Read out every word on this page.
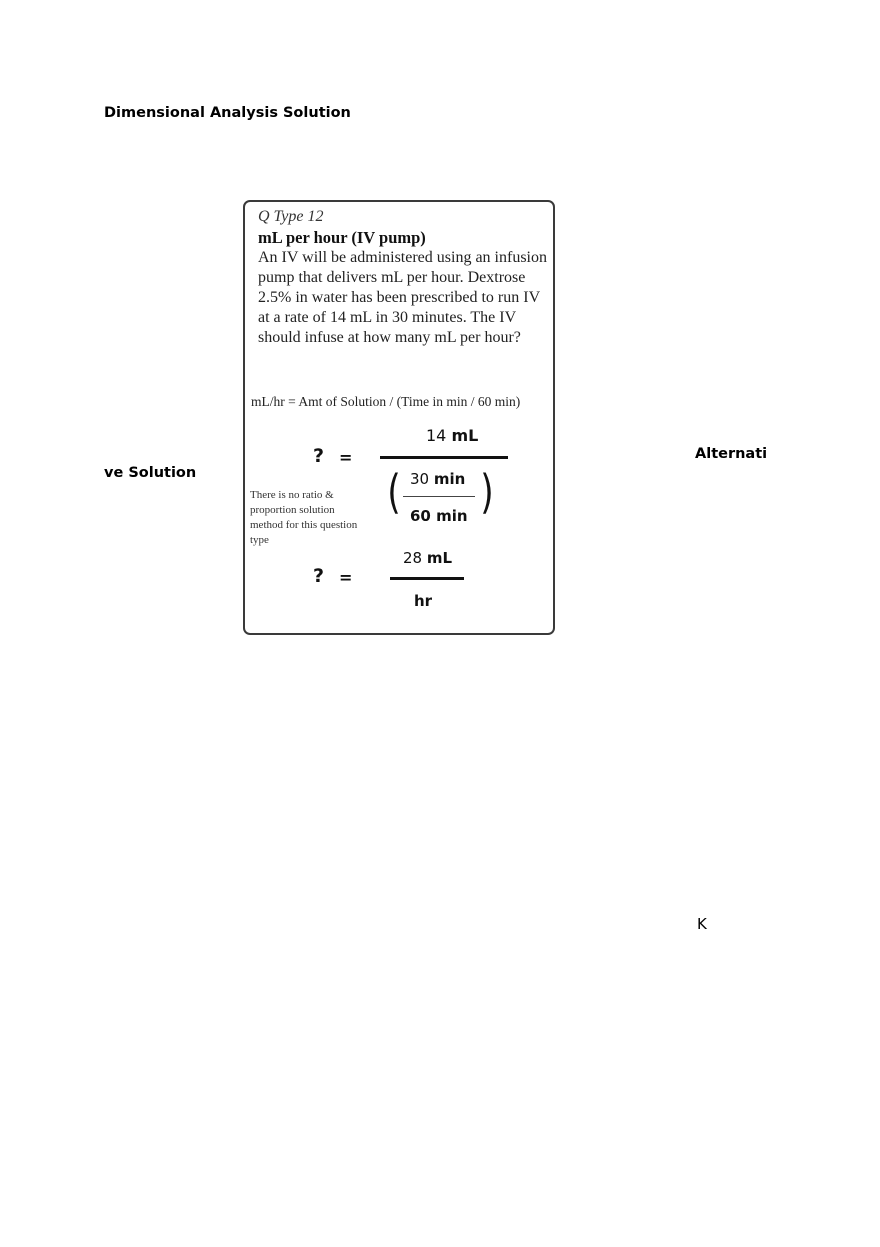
Dimensional Analysis Solution
Q Type 12
mL per hour (IV pump)
An IV will be administered using an infusion pump that delivers mL per hour. Dextrose 2.5% in water has been prescribed to run IV at a rate of 14 mL in 30 minutes. The IV should infuse at how many mL per hour?
mL/hr = Amt of Solution / (Time in min / 60 min)
? =
14 mL
( 30 min
60 min )
There is no ratio & proportion solution method for this question type
? =
28 mL
hr
Alternati
ve Solution
K
